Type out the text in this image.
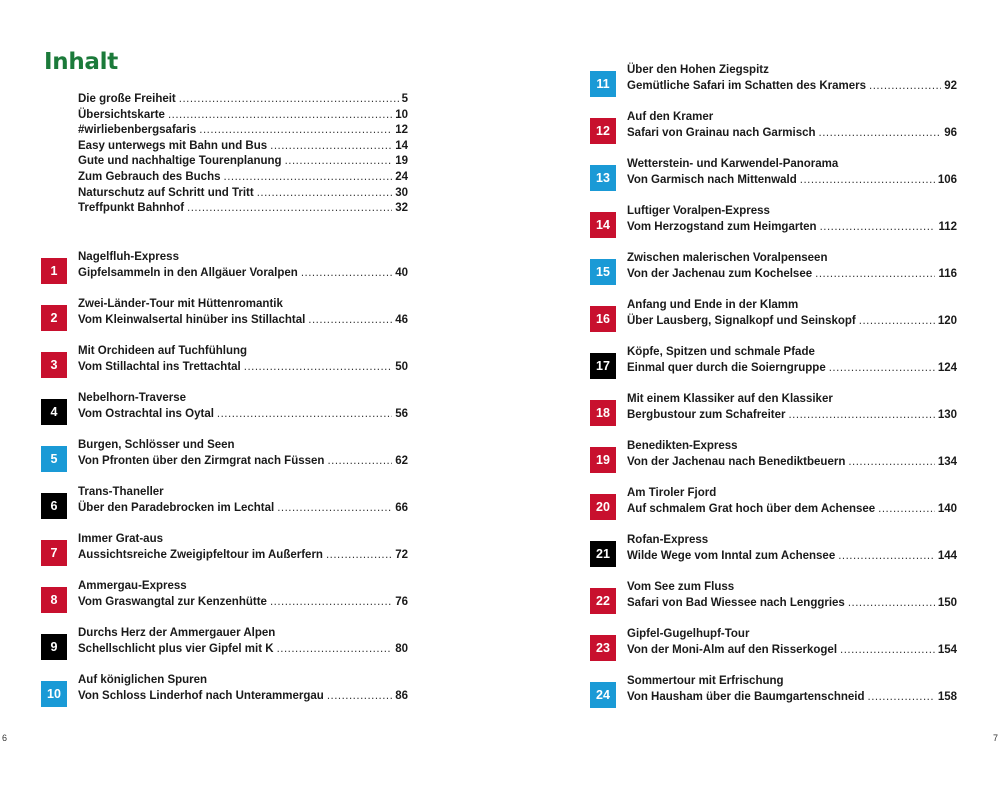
Inhalt
Die große Freiheit .....	5
Übersichtskarte .....	10
#wirliebenbergsafaris .....	12
Easy unterwegs mit Bahn und Bus .....	14
Gute und nachhaltige Tourenplanung .....	19
Zum Gebrauch des Buchs .....	24
Naturschutz auf Schritt und Tritt .....	30
Treffpunkt Bahnhof .....	32
1
Nagelfluh-Express
Gipfelsammeln in den Allgäuer Voralpen .....	40
2
Zwei-Länder-Tour mit Hüttenromantik
Vom Kleinwalsertal hinüber ins Stillachtal .....	46
3
Mit Orchideen auf Tuchfühlung
Vom Stillachtal ins Trettachtal .....	50
4
Nebelhorn-Traverse
Vom Ostrachtal ins Oytal .....	56
5
Burgen, Schlösser und Seen
Von Pfronten über den Zirmgrat nach Füssen .....	62
6
Trans-Thaneller
Über den Paradebrocken im Lechtal .....	66
7
Immer Grat-aus
Aussichtsreiche Zweigipfeltour im Außerfern .....	72
8
Ammergau-Express
Vom Graswangtal zur Kenzenhütte .....	76
9
Durchs Herz der Ammergauer Alpen
Schellschlicht plus vier Gipfel mit K .....	80
10
Auf königlichen Spuren
Von Schloss Linderhof nach Unterammergau .....	86
11
Über den Hohen Ziegspitz
Gemütliche Safari im Schatten des Kramers .....	92
12
Auf den Kramer
Safari von Grainau nach Garmisch .....	96
13
Wetterstein- und Karwendel-Panorama
Von Garmisch nach Mittenwald .....	106
14
Luftiger Voralpen-Express
Vom Herzogstand zum Heimgarten .....	112
15
Zwischen malerischen Voralpenseen
Von der Jachenau zum Kochelsee .....	116
16
Anfang und Ende in der Klamm
Über Lausberg, Signalkopf und Seinskopf .....	120
17
Köpfe, Spitzen und schmale Pfade
Einmal quer durch die Soierngruppe .....	124
18
Mit einem Klassiker auf den Klassiker
Bergbustour zum Schafreiter .....	130
19
Benedikten-Express
Von der Jachenau nach Benediktbeuern .....	134
20
Am Tiroler Fjord
Auf schmalem Grat hoch über dem Achensee .....	140
21
Rofan-Express
Wilde Wege vom Inntal zum Achensee .....	144
22
Vom See zum Fluss
Safari von Bad Wiessee nach Lenggries .....	150
23
Gipfel-Gugelhupf-Tour
Von der Moni-Alm auf den Risserkogel .....	154
24
Sommertour mit Erfrischung
Von Hausham über die Baumgartenschneid .....	158
6	7
